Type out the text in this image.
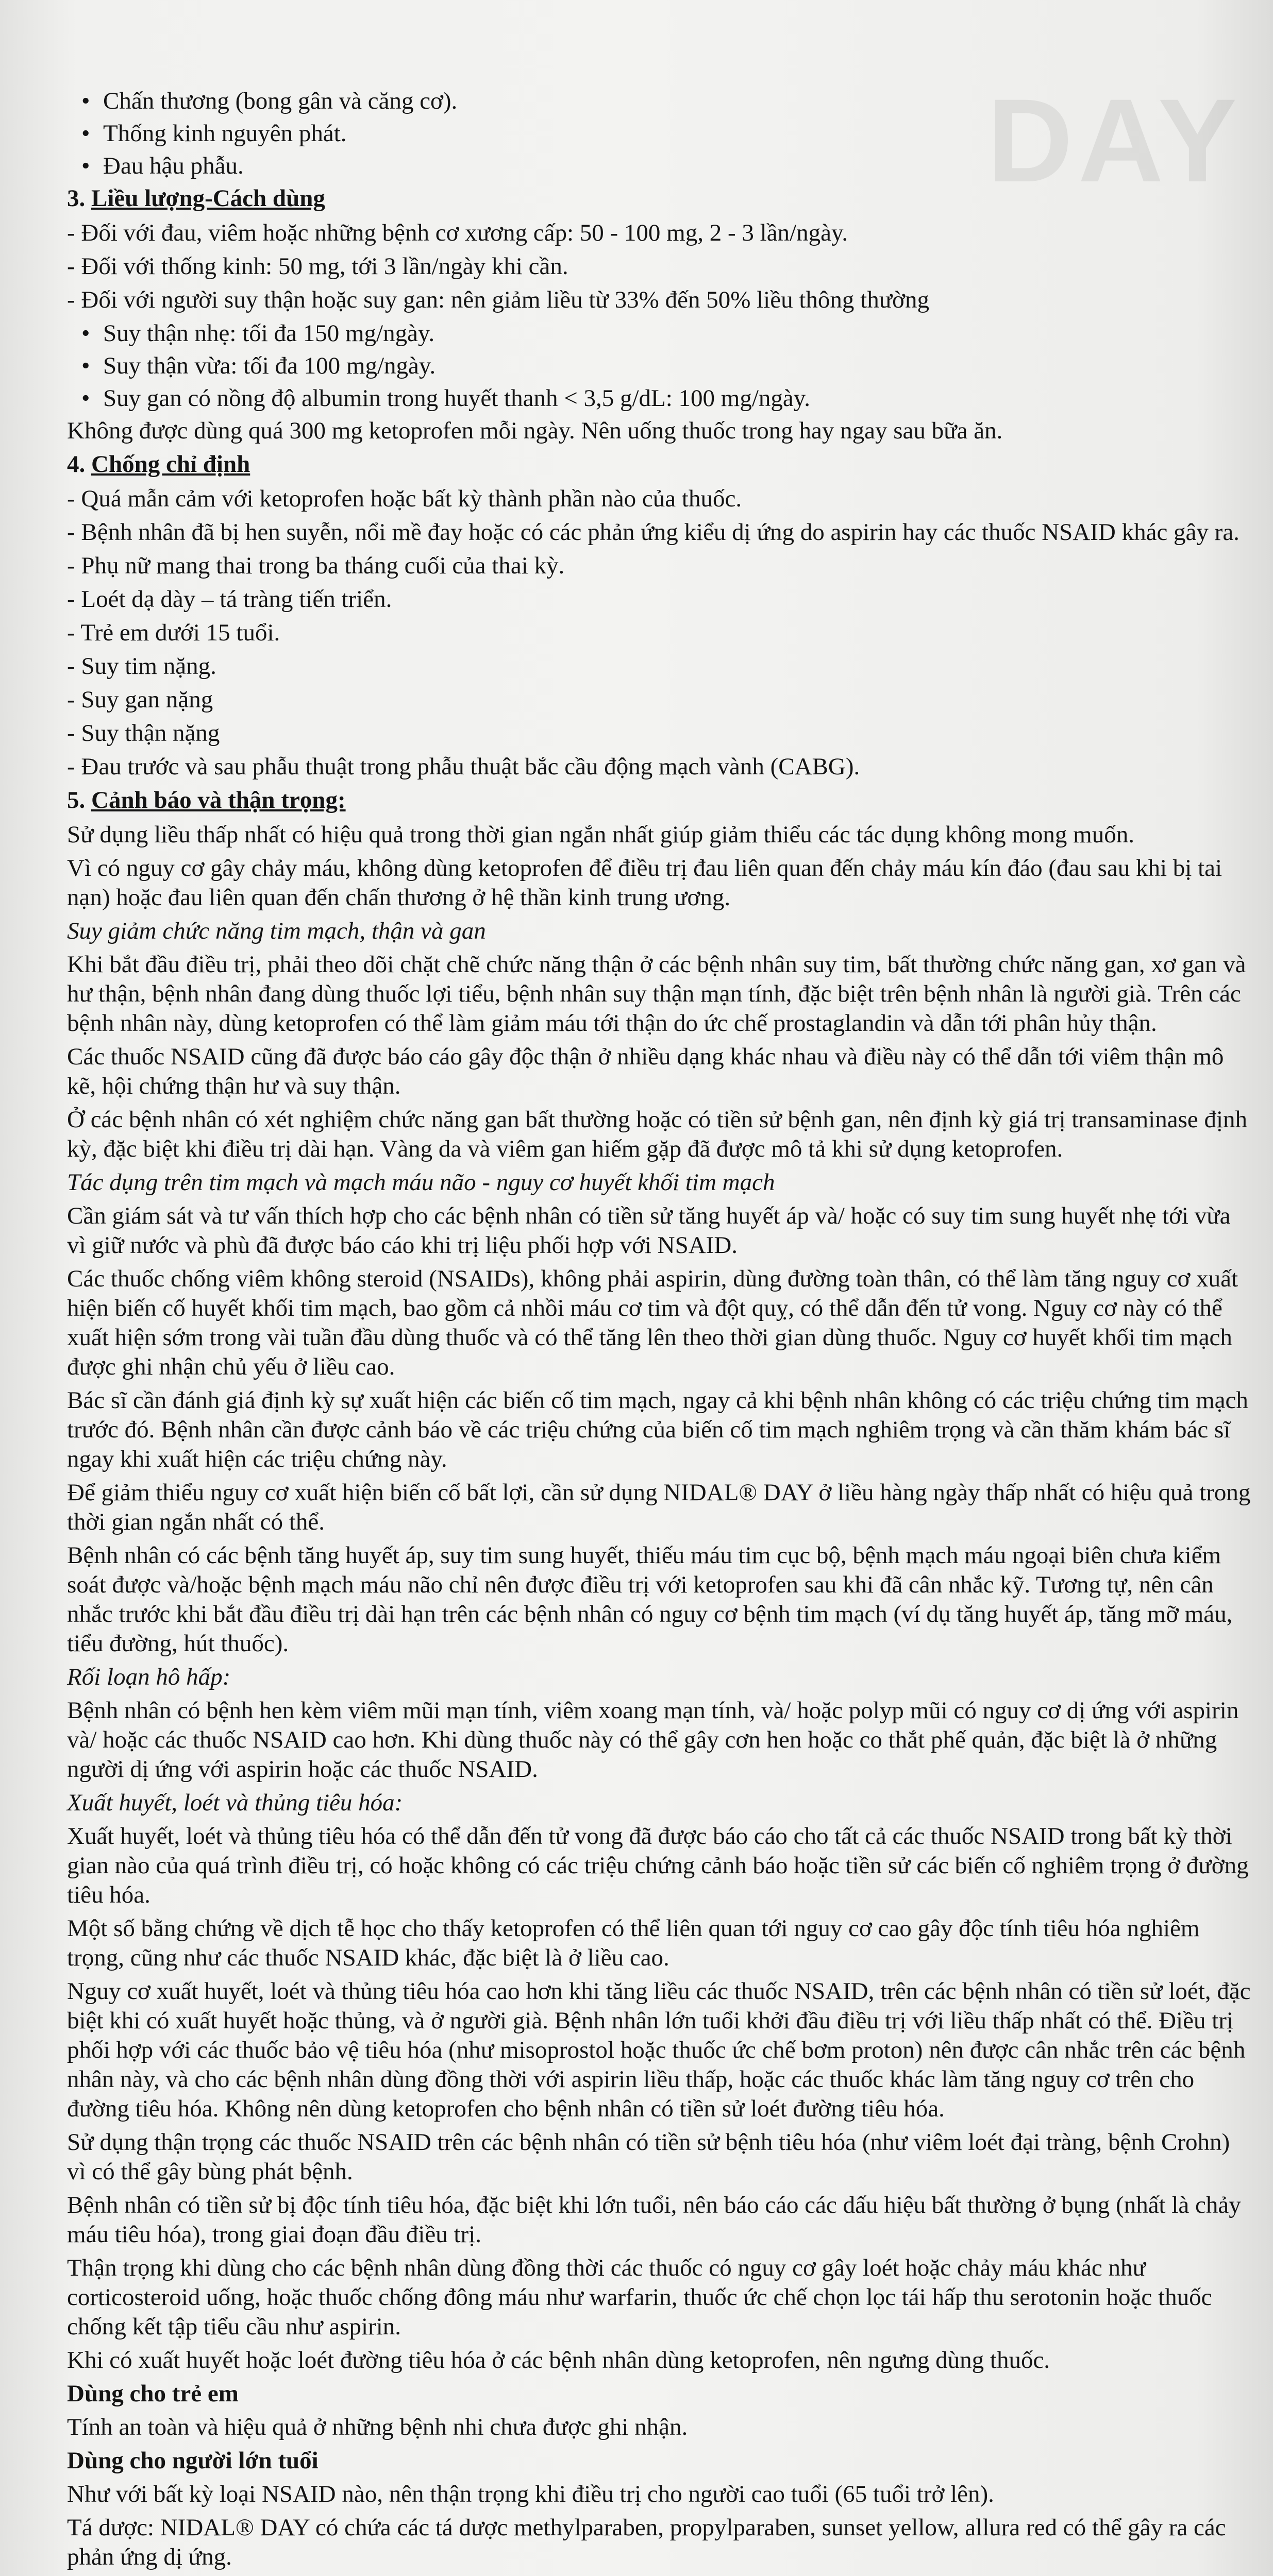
DAY
• Chấn thương (bong gân và căng cơ).
• Thống kinh nguyên phát.
• Đau hậu phẫu.
3. Liều lượng-Cách dùng
- Đối với đau, viêm hoặc những bệnh cơ xương cấp: 50 - 100 mg, 2 - 3 lần/ngày.
- Đối với thống kinh: 50 mg, tới 3 lần/ngày khi cần.
- Đối với người suy thận hoặc suy gan: nên giảm liều từ 33% đến 50% liều thông thường
• Suy thận nhẹ: tối đa 150 mg/ngày.
• Suy thận vừa: tối đa 100 mg/ngày.
• Suy gan có nồng độ albumin trong huyết thanh < 3,5 g/dL: 100 mg/ngày.
Không được dùng quá 300 mg ketoprofen mỗi ngày. Nên uống thuốc trong hay ngay sau bữa ăn.
4. Chống chỉ định
- Quá mẫn cảm với ketoprofen hoặc bất kỳ thành phần nào của thuốc.
- Bệnh nhân đã bị hen suyễn, nổi mề đay hoặc có các phản ứng kiểu dị ứng do aspirin hay các thuốc NSAID khác gây ra.
- Phụ nữ mang thai trong ba tháng cuối của thai kỳ.
- Loét dạ dày – tá tràng tiến triển.
- Trẻ em dưới 15 tuổi.
- Suy tim nặng.
- Suy gan nặng
- Suy thận nặng
- Đau trước và sau phẫu thuật trong phẫu thuật bắc cầu động mạch vành (CABG).
5. Cảnh báo và thận trọng:
Sử dụng liều thấp nhất có hiệu quả trong thời gian ngắn nhất giúp giảm thiểu các tác dụng không mong muốn.
Vì có nguy cơ gây chảy máu, không dùng ketoprofen để điều trị đau liên quan đến chảy máu kín đáo (đau sau khi bị tai nạn) hoặc đau liên quan đến chấn thương ở hệ thần kinh trung ương.
Suy giảm chức năng tim mạch, thận và gan
Khi bắt đầu điều trị, phải theo dõi chặt chẽ chức năng thận ở các bệnh nhân suy tim, bất thường chức năng gan, xơ gan và hư thận, bệnh nhân đang dùng thuốc lợi tiểu, bệnh nhân suy thận mạn tính, đặc biệt trên bệnh nhân là người già. Trên các bệnh nhân này, dùng ketoprofen có thể làm giảm máu tới thận do ức chế prostaglandin và dẫn tới phân hủy thận.
Các thuốc NSAID cũng đã được báo cáo gây độc thận ở nhiều dạng khác nhau và điều này có thể dẫn tới viêm thận mô kẽ, hội chứng thận hư và suy thận.
Ở các bệnh nhân có xét nghiệm chức năng gan bất thường hoặc có tiền sử bệnh gan, nên định kỳ giá trị transaminase định kỳ, đặc biệt khi điều trị dài hạn. Vàng da và viêm gan hiếm gặp đã được mô tả khi sử dụng ketoprofen.
Tác dụng trên tim mạch và mạch máu não - nguy cơ huyết khối tim mạch
Cần giám sát và tư vấn thích hợp cho các bệnh nhân có tiền sử tăng huyết áp và/ hoặc có suy tim sung huyết nhẹ tới vừa vì giữ nước và phù đã được báo cáo khi trị liệu phối hợp với NSAID.
Các thuốc chống viêm không steroid (NSAIDs), không phải aspirin, dùng đường toàn thân, có thể làm tăng nguy cơ xuất hiện biến cố huyết khối tim mạch, bao gồm cả nhồi máu cơ tim và đột quỵ, có thể dẫn đến tử vong. Nguy cơ này có thể xuất hiện sớm trong vài tuần đầu dùng thuốc và có thể tăng lên theo thời gian dùng thuốc. Nguy cơ huyết khối tim mạch được ghi nhận chủ yếu ở liều cao.
Bác sĩ cần đánh giá định kỳ sự xuất hiện các biến cố tim mạch, ngay cả khi bệnh nhân không có các triệu chứng tim mạch trước đó. Bệnh nhân cần được cảnh báo về các triệu chứng của biến cố tim mạch nghiêm trọng và cần thăm khám bác sĩ ngay khi xuất hiện các triệu chứng này.
Để giảm thiểu nguy cơ xuất hiện biến cố bất lợi, cần sử dụng NIDAL® DAY ở liều hàng ngày thấp nhất có hiệu quả trong thời gian ngắn nhất có thể.
Bệnh nhân có các bệnh tăng huyết áp, suy tim sung huyết, thiếu máu tim cục bộ, bệnh mạch máu ngoại biên chưa kiểm soát được và/hoặc bệnh mạch máu não chỉ nên được điều trị với ketoprofen sau khi đã cân nhắc kỹ. Tương tự, nên cân nhắc trước khi bắt đầu điều trị dài hạn trên các bệnh nhân có nguy cơ bệnh tim mạch (ví dụ tăng huyết áp, tăng mỡ máu, tiểu đường, hút thuốc).
Rối loạn hô hấp:
Bệnh nhân có bệnh hen kèm viêm mũi mạn tính, viêm xoang mạn tính, và/ hoặc polyp mũi có nguy cơ dị ứng với aspirin và/ hoặc các thuốc NSAID cao hơn. Khi dùng thuốc này có thể gây cơn hen hoặc co thắt phế quản, đặc biệt là ở những người dị ứng với aspirin hoặc các thuốc NSAID.
Xuất huyết, loét và thủng tiêu hóa:
Xuất huyết, loét và thủng tiêu hóa có thể dẫn đến tử vong đã được báo cáo cho tất cả các thuốc NSAID trong bất kỳ thời gian nào của quá trình điều trị, có hoặc không có các triệu chứng cảnh báo hoặc tiền sử các biến cố nghiêm trọng ở đường tiêu hóa.
Một số bằng chứng về dịch tễ học cho thấy ketoprofen có thể liên quan tới nguy cơ cao gây độc tính tiêu hóa nghiêm trọng, cũng như các thuốc NSAID khác, đặc biệt là ở liều cao.
Nguy cơ xuất huyết, loét và thủng tiêu hóa cao hơn khi tăng liều các thuốc NSAID, trên các bệnh nhân có tiền sử loét, đặc biệt khi có xuất huyết hoặc thủng, và ở người già. Bệnh nhân lớn tuổi khởi đầu điều trị với liều thấp nhất có thể. Điều trị phối hợp với các thuốc bảo vệ tiêu hóa (như misoprostol hoặc thuốc ức chế bơm proton) nên được cân nhắc trên các bệnh nhân này, và cho các bệnh nhân dùng đồng thời với aspirin liều thấp, hoặc các thuốc khác làm tăng nguy cơ trên cho đường tiêu hóa. Không nên dùng ketoprofen cho bệnh nhân có tiền sử loét đường tiêu hóa.
Sử dụng thận trọng các thuốc NSAID trên các bệnh nhân có tiền sử bệnh tiêu hóa (như viêm loét đại tràng, bệnh Crohn) vì có thể gây bùng phát bệnh.
Bệnh nhân có tiền sử bị độc tính tiêu hóa, đặc biệt khi lớn tuổi, nên báo cáo các dấu hiệu bất thường ở bụng (nhất là chảy máu tiêu hóa), trong giai đoạn đầu điều trị.
Thận trọng khi dùng cho các bệnh nhân dùng đồng thời các thuốc có nguy cơ gây loét hoặc chảy máu khác như corticosteroid uống, hoặc thuốc chống đông máu như warfarin, thuốc ức chế chọn lọc tái hấp thu serotonin hoặc thuốc chống kết tập tiểu cầu như aspirin.
Khi có xuất huyết hoặc loét đường tiêu hóa ở các bệnh nhân dùng ketoprofen, nên ngưng dùng thuốc.
Dùng cho trẻ em
Tính an toàn và hiệu quả ở những bệnh nhi chưa được ghi nhận.
Dùng cho người lớn tuổi
Như với bất kỳ loại NSAID nào, nên thận trọng khi điều trị cho người cao tuổi (65 tuổi trở lên).
Tá dược: NIDAL® DAY có chứa các tá dược methylparaben, propylparaben, sunset yellow, allura red có thể gây ra các phản ứng dị ứng.
